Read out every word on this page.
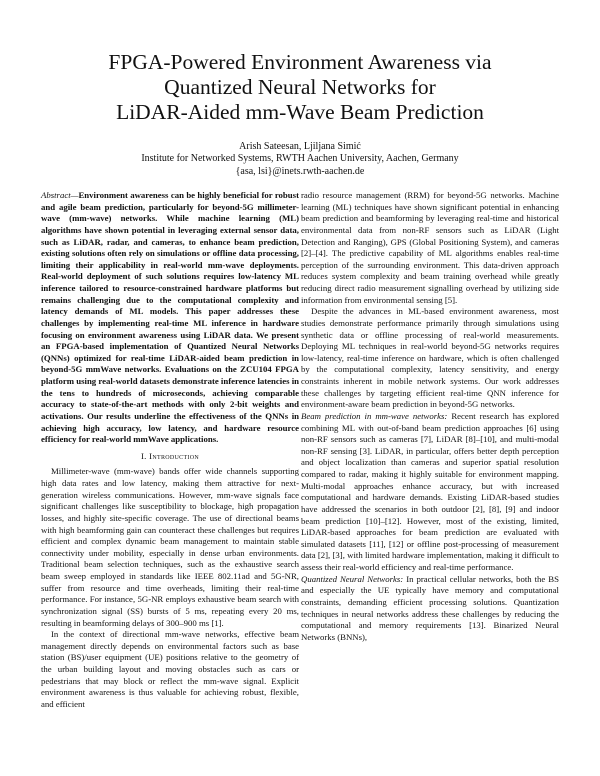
FPGA-Powered Environment Awareness via
Quantized Neural Networks for
LiDAR-Aided mm-Wave Beam Prediction
Arish Sateesan, Ljiljana Simić
Institute for Networked Systems, RWTH Aachen University, Aachen, Germany
{asa, lsi}@inets.rwth-aachen.de

Abstract—Environment awareness can be highly beneficial for robust and agile beam prediction, particularly for beyond-5G millimeter-wave (mm-wave) networks. While machine learning (ML) algorithms have shown potential in leveraging external sensor data, such as LiDAR, radar, and cameras, to enhance beam prediction, existing solutions often rely on simulations or offline data processing, limiting their applicability in real-world mm-wave deployments. Real-world deployment of such solutions requires low-latency ML inference tailored to resource-constrained hardware platforms but remains challenging due to the computational complexity and latency demands of ML models. This paper addresses these challenges by implementing real-time ML inference in hardware focusing on environment awareness using LiDAR data. We present an FPGA-based implementation of Quantized Neural Networks (QNNs) optimized for real-time LiDAR-aided beam prediction in beyond-5G mmWave networks. Evaluations on the ZCU104 FPGA platform using real-world datasets demonstrate inference latencies in the tens to hundreds of microseconds, achieving comparable accuracy to state-of-the-art methods with only 2-bit weights and activations. Our results underline the effectiveness of the QNNs in achieving high accuracy, low latency, and hardware resource efficiency for real-world mmWave applications.

I. Introduction

Millimeter-wave (mm-wave) bands offer wide channels supporting high data rates and low latency, making them attractive for next-generation wireless communications. However, mm-wave signals face significant challenges like susceptibility to blockage, high propagation losses, and highly site-specific coverage. The use of directional beams with high beamforming gain can counteract these challenges but requires efficient and complex dynamic beam management to maintain stable connectivity under mobility, especially in dense urban environments. Traditional beam selection techniques, such as the exhaustive search beam sweep employed in standards like IEEE 802.11ad and 5G-NR, suffer from resource and time overheads, limiting their real-time performance. For instance, 5G-NR employs exhaustive beam search with synchronization signal (SS) bursts of 5 ms, repeating every 20 ms, resulting in beamforming delays of 300–900 ms [1].

In the context of directional mm-wave networks, effective beam management directly depends on environmental factors such as base station (BS)/user equipment (UE) positions relative to the geometry of the urban building layout and moving obstacles such as cars or pedestrians that may block or reflect the mm-wave signal. Explicit environment awareness is thus valuable for achieving robust, flexible, and efficient

radio resource management (RRM) for beyond-5G networks. Machine learning (ML) techniques have shown significant potential in enhancing beam prediction and beamforming by leveraging real-time and historical environmental data from non-RF sensors such as LiDAR (Light Detection and Ranging), GPS (Global Positioning System), and cameras [2]–[4]. The predictive capability of ML algorithms enables real-time perception of the surrounding environment. This data-driven approach reduces system complexity and beam training overhead while greatly reducing direct radio measurement signalling overhead by utilizing side information from environmental sensing [5].

Despite the advances in ML-based environment awareness, most studies demonstrate performance primarily through simulations using synthetic data or offline processing of real-world measurements. Deploying ML techniques in real-world beyond-5G networks requires low-latency, real-time inference on hardware, which is often challenged by the computational complexity, latency sensitivity, and energy constraints inherent in mobile network systems. Our work addresses these challenges by targeting efficient real-time QNN inference for environment-aware beam prediction in beyond-5G networks.

Beam prediction in mm-wave networks: Recent research has explored combining ML with out-of-band beam prediction approaches [6] using non-RF sensors such as cameras [7], LiDAR [8]–[10], and multi-modal non-RF sensing [3]. LiDAR, in particular, offers better depth perception and object localization than cameras and superior spatial resolution compared to radar, making it highly suitable for environment mapping. Multi-modal approaches enhance accuracy, but with increased computational and hardware demands. Existing LiDAR-based studies have addressed the scenarios in both outdoor [2], [8], [9] and indoor beam prediction [10]–[12]. However, most of the existing, limited, LiDAR-based approaches for beam prediction are evaluated with simulated datasets [11], [12] or offline post-processing of measurement data [2], [3], with limited hardware implementation, making it difficult to assess their real-world efficiency and real-time performance.

Quantized Neural Networks: In practical cellular networks, both the BS and especially the UE typically have memory and computational constraints, demanding efficient processing solutions. Quantization techniques in neural networks address these challenges by reducing the computational and memory requirements [13]. Binarized Neural Networks (BNNs),
